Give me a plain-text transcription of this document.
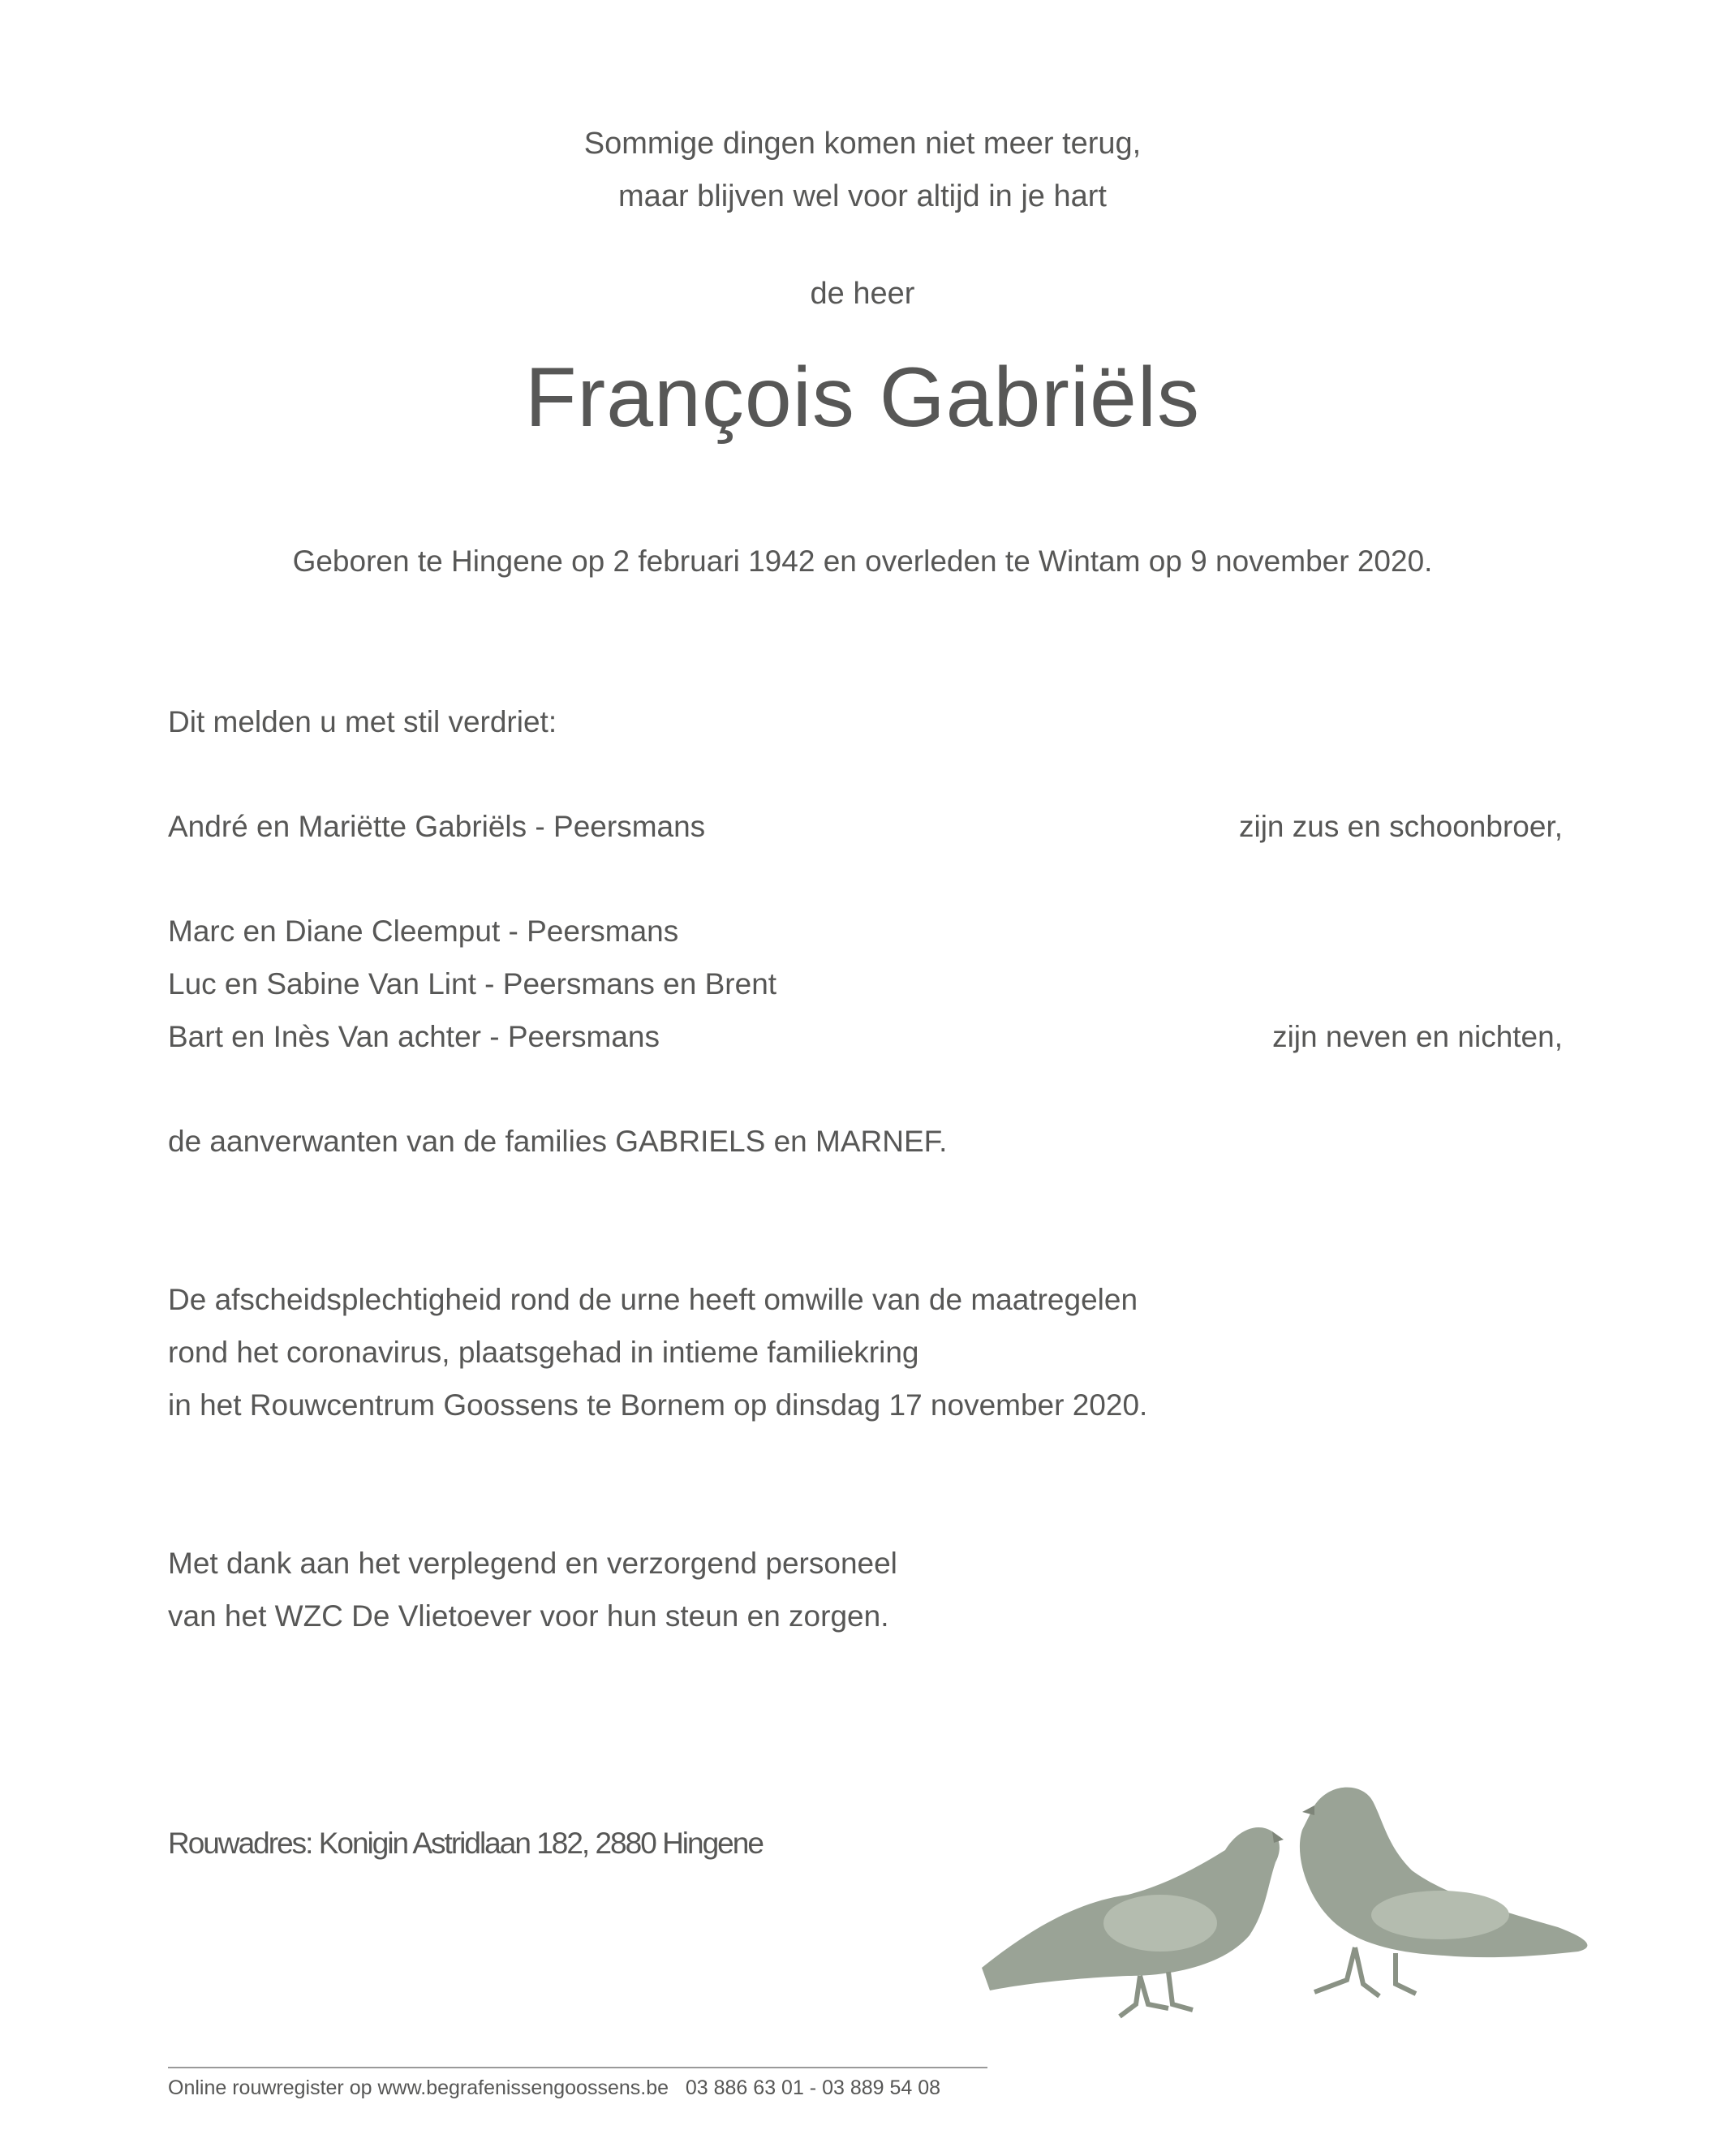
Sommige dingen komen niet meer terug,
maar blijven wel voor altijd in je hart
de heer
François Gabriëls
Geboren te Hingene op 2 februari 1942 en overleden te Wintam op 9 november 2020.
Dit melden u met stil verdriet:
André en Mariëtte Gabriëls - Peersmans	zijn zus en schoonbroer,
Marc en Diane Cleemput - Peersmans
Luc en Sabine Van Lint - Peersmans en Brent
Bart en Inès Van achter - Peersmans	zijn neven en nichten,
de aanverwanten van de families GABRIELS en MARNEF.
De afscheidsplechtigheid rond de urne heeft omwille van de maatregelen
rond het coronavirus, plaatsgehad in intieme familiekring
in het Rouwcentrum Goossens te Bornem op dinsdag 17 november 2020.
Met dank aan het verplegend en verzorgend personeel
van het WZC De Vlietoever voor hun steun en zorgen.
Rouwadres: Konigin Astridlaan 182, 2880 Hingene
Online rouwregister op www.begrafenissengoossens.be 03 886 63 01 - 03 889 54 08
